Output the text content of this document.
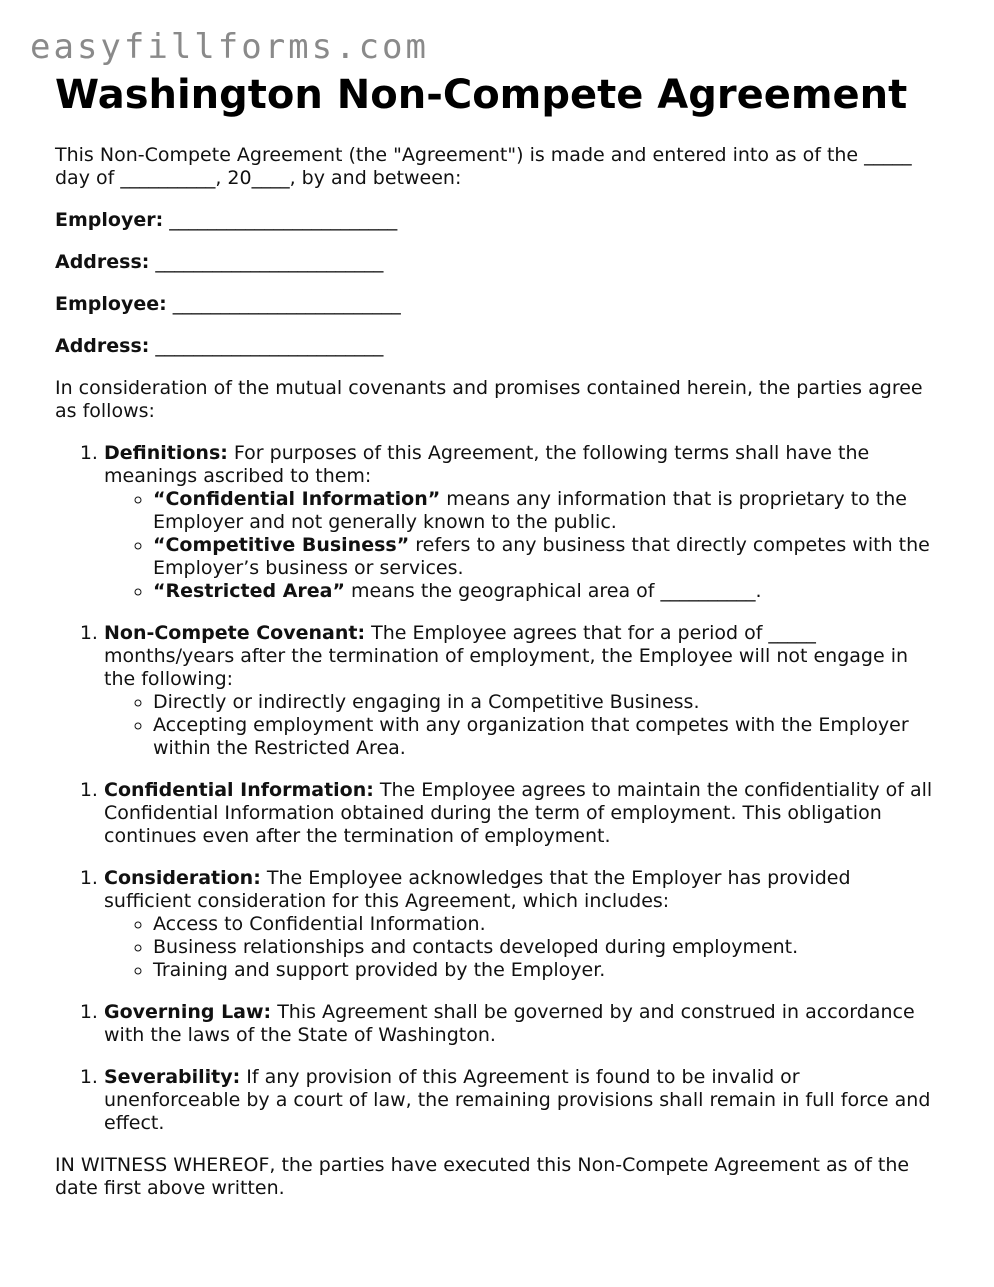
easyfillforms.com
Washington Non-Compete Agreement

This Non-Compete Agreement (the "Agreement") is made and entered into as of the _____ day of __________, 20____, by and between:

Employer: ________________________

Address: ________________________

Employee: ________________________

Address: ________________________

In consideration of the mutual covenants and promises contained herein, the parties agree as follows:

1. Definitions: For purposes of this Agreement, the following terms shall have the meanings ascribed to them:
◦ “Confidential Information” means any information that is proprietary to the Employer and not generally known to the public.
◦ “Competitive Business” refers to any business that directly competes with the Employer’s business or services.
◦ “Restricted Area” means the geographical area of __________.
1. Non-Compete Covenant: The Employee agrees that for a period of _____ months/years after the termination of employment, the Employee will not engage in the following:
◦ Directly or indirectly engaging in a Competitive Business.
◦ Accepting employment with any organization that competes with the Employer within the Restricted Area.
1. Confidential Information: The Employee agrees to maintain the confidentiality of all Confidential Information obtained during the term of employment. This obligation continues even after the termination of employment.
1. Consideration: The Employee acknowledges that the Employer has provided sufficient consideration for this Agreement, which includes:
◦ Access to Confidential Information.
◦ Business relationships and contacts developed during employment.
◦ Training and support provided by the Employer.
1. Governing Law: This Agreement shall be governed by and construed in accordance with the laws of the State of Washington.
1. Severability: If any provision of this Agreement is found to be invalid or unenforceable by a court of law, the remaining provisions shall remain in full force and effect.

IN WITNESS WHEREOF, the parties have executed this Non-Compete Agreement as of the date first above written.
